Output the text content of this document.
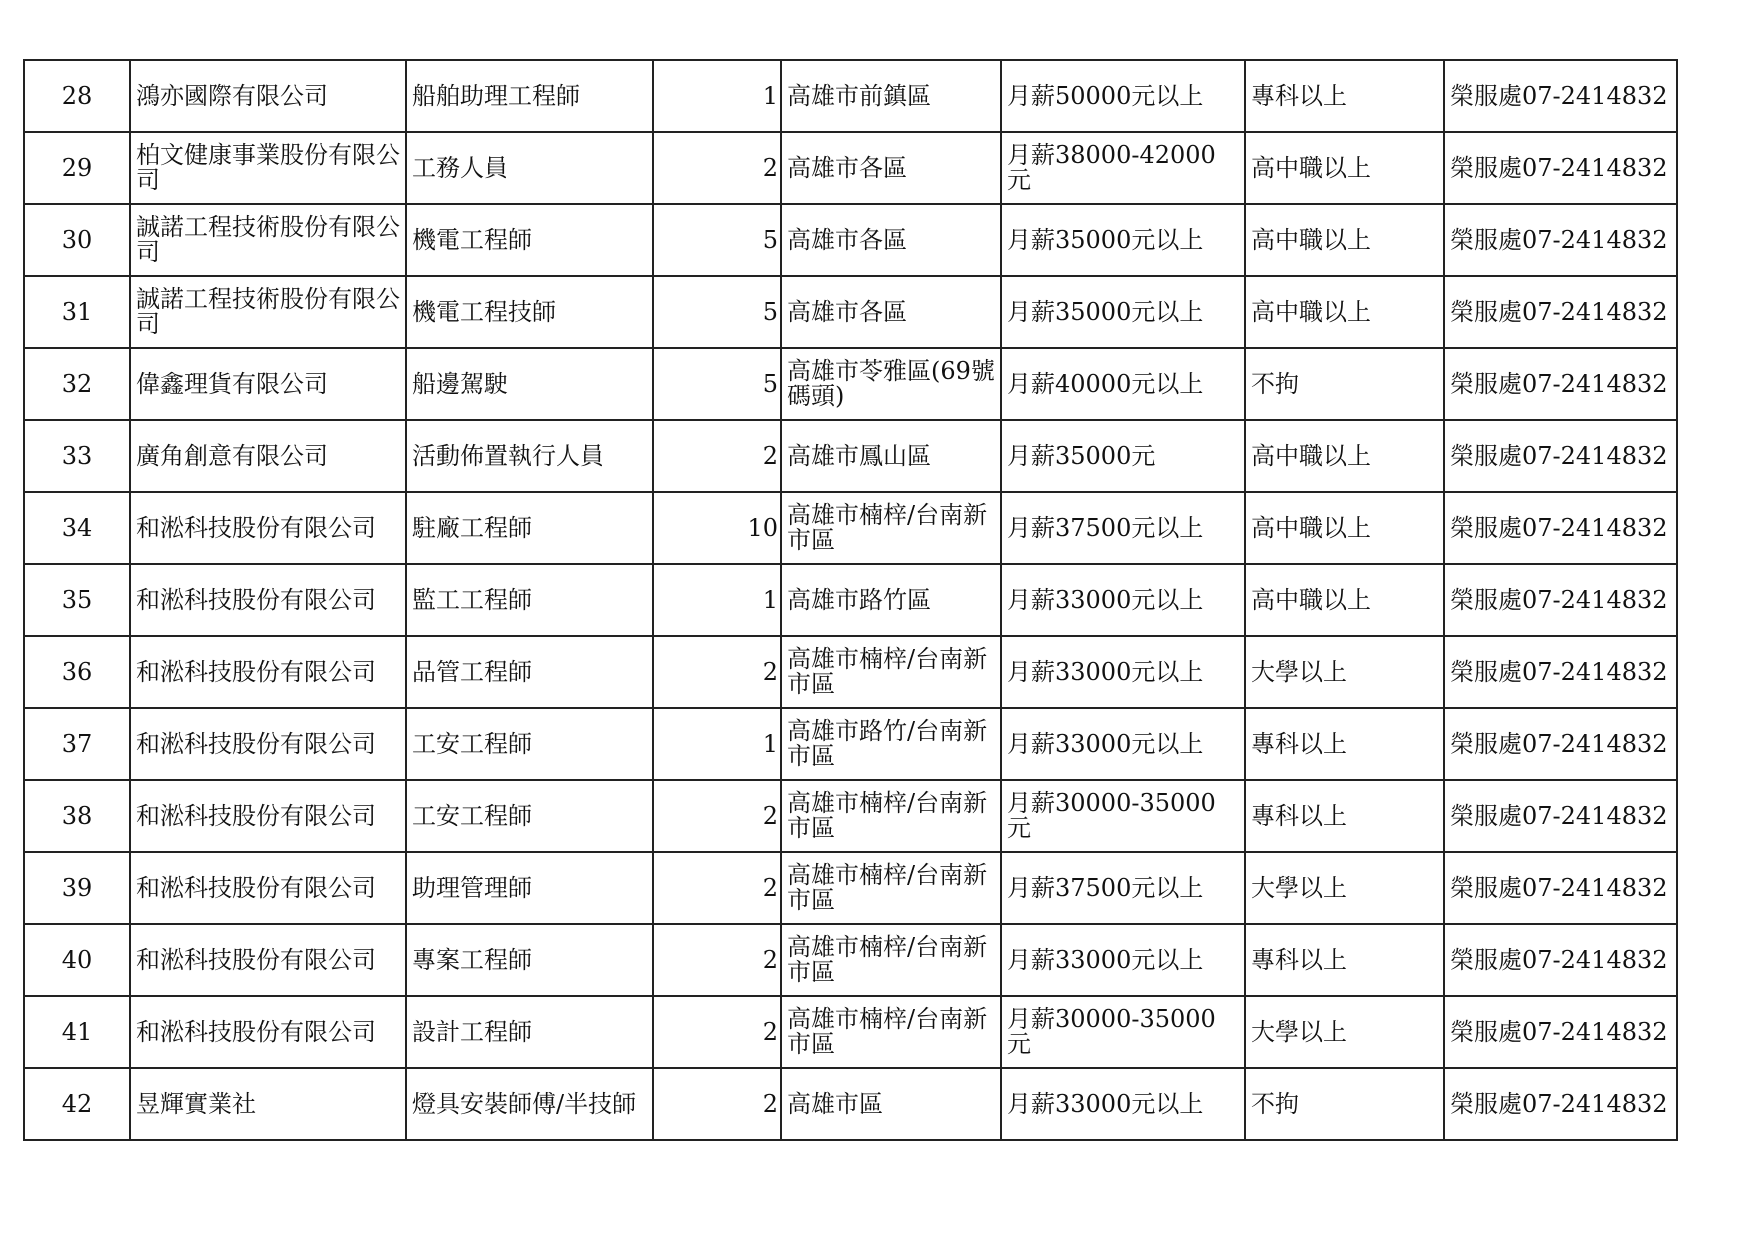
28	鴻亦國際有限公司	船舶助理工程師	1	高雄市前鎮區	月薪50000元以上	專科以上	榮服處07-2414832
29	柏文健康事業股份有限公司	工務人員	2	高雄市各區	月薪38000-42000元	高中職以上	榮服處07-2414832
30	誠諾工程技術股份有限公司	機電工程師	5	高雄市各區	月薪35000元以上	高中職以上	榮服處07-2414832
31	誠諾工程技術股份有限公司	機電工程技師	5	高雄市各區	月薪35000元以上	高中職以上	榮服處07-2414832
32	偉鑫理貨有限公司	船邊駕駛	5	高雄市苓雅區(69號碼頭)	月薪40000元以上	不拘	榮服處07-2414832
33	廣角創意有限公司	活動佈置執行人員	2	高雄市鳳山區	月薪35000元	高中職以上	榮服處07-2414832
34	和淞科技股份有限公司	駐廠工程師	10	高雄市楠梓/台南新市區	月薪37500元以上	高中職以上	榮服處07-2414832
35	和淞科技股份有限公司	監工工程師	1	高雄市路竹區	月薪33000元以上	高中職以上	榮服處07-2414832
36	和淞科技股份有限公司	品管工程師	2	高雄市楠梓/台南新市區	月薪33000元以上	大學以上	榮服處07-2414832
37	和淞科技股份有限公司	工安工程師	1	高雄市路竹/台南新市區	月薪33000元以上	專科以上	榮服處07-2414832
38	和淞科技股份有限公司	工安工程師	2	高雄市楠梓/台南新市區	月薪30000-35000元	專科以上	榮服處07-2414832
39	和淞科技股份有限公司	助理管理師	2	高雄市楠梓/台南新市區	月薪37500元以上	大學以上	榮服處07-2414832
40	和淞科技股份有限公司	專案工程師	2	高雄市楠梓/台南新市區	月薪33000元以上	專科以上	榮服處07-2414832
41	和淞科技股份有限公司	設計工程師	2	高雄市楠梓/台南新市區	月薪30000-35000元	大學以上	榮服處07-2414832
42	昱輝實業社	燈具安裝師傅/半技師	2	高雄市區	月薪33000元以上	不拘	榮服處07-2414832
